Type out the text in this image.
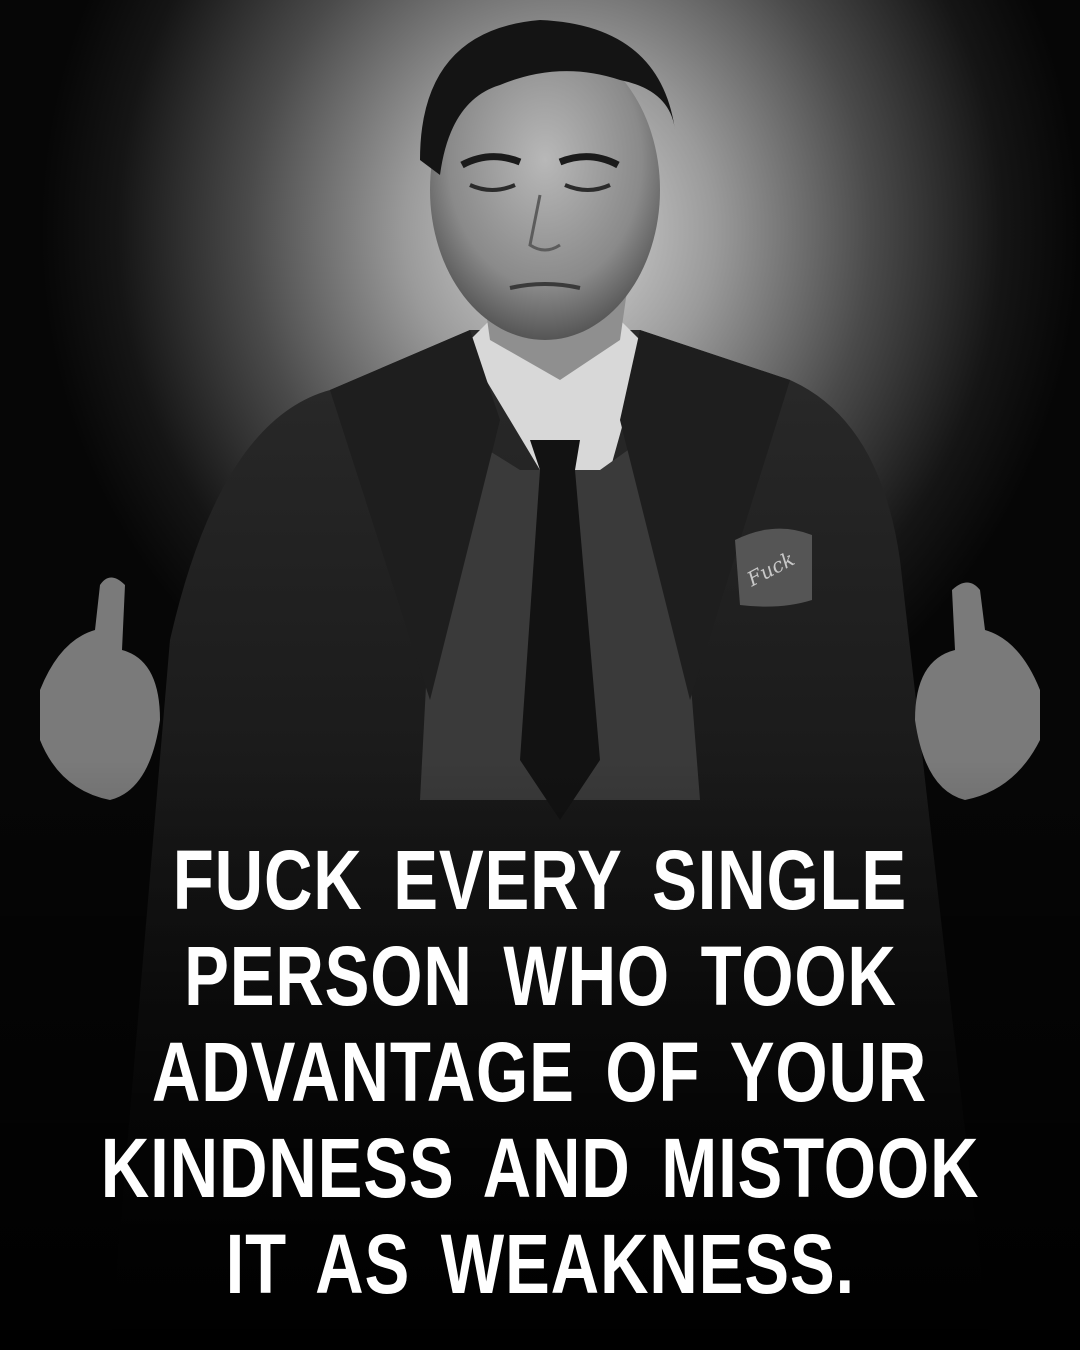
Fuck
FUCK EVERY SINGLE
PERSON WHO TOOK
ADVANTAGE OF YOUR
KINDNESS AND MISTOOK
IT AS WEAKNESS.
